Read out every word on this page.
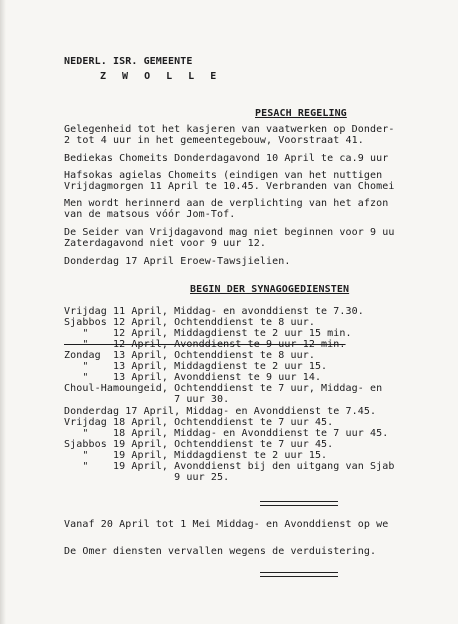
NEDERL. ISR. GEMEENTE
Z W O L L E
PESACH REGELING
Gelegenheid tot het kasjeren van vaatwerken op Donder-
2 tot 4 uur in het gemeentegebouw, Voorstraat 41.
Bediekas Chomeits Donderdagavond 10 April te ca.9 uur
Hafsokas agielas Chomeits (eindigen van het nuttigen
Vrijdagmorgen 11 April te 10.45. Verbranden van Chomei
Men wordt herinnerd aan de verplichting van het afzon
van de matsous vóór Jom-Tof.
De Seider van Vrijdagavond mag niet beginnen voor 9 uu
Zaterdagavond niet voor 9 uur 12.
Donderdag 17 April Eroew-Tawsjielien.
BEGIN DER SYNAGOGEDIENSTEN
Vrijdag 11 April, Middag- en avonddienst te 7.30.
Sjabbos 12 April, Ochtenddienst te 8 uur.
"    12 April, Middagdienst te 2 uur 15 min.
"    12 April, Avonddienst te 9 uur 12 min.
Zondag  13 April, Ochtenddienst te 8 uur.
"    13 April, Middagdienst te 2 uur 15.
"    13 April, Avonddienst te 9 uur 14.
Choul-Hamoungeid, Ochtenddienst te 7 uur, Middag- en
7 uur 30.
Donderdag 17 April, Middag- en Avonddienst te 7.45.
Vrijdag 18 April, Ochtenddienst te 7 uur 45.
"    18 April, Middag- en Avonddienst te 7 uur 45.
Sjabbos 19 April, Ochtenddienst te 7 uur 45.
"    19 April, Middagdienst te 2 uur 15.
"    19 April, Avonddienst bij den uitgang van Sjab
9 uur 25.
Vanaf 20 April tot 1 Mei Middag- en Avonddienst op we
De Omer diensten vervallen wegens de verduistering.
